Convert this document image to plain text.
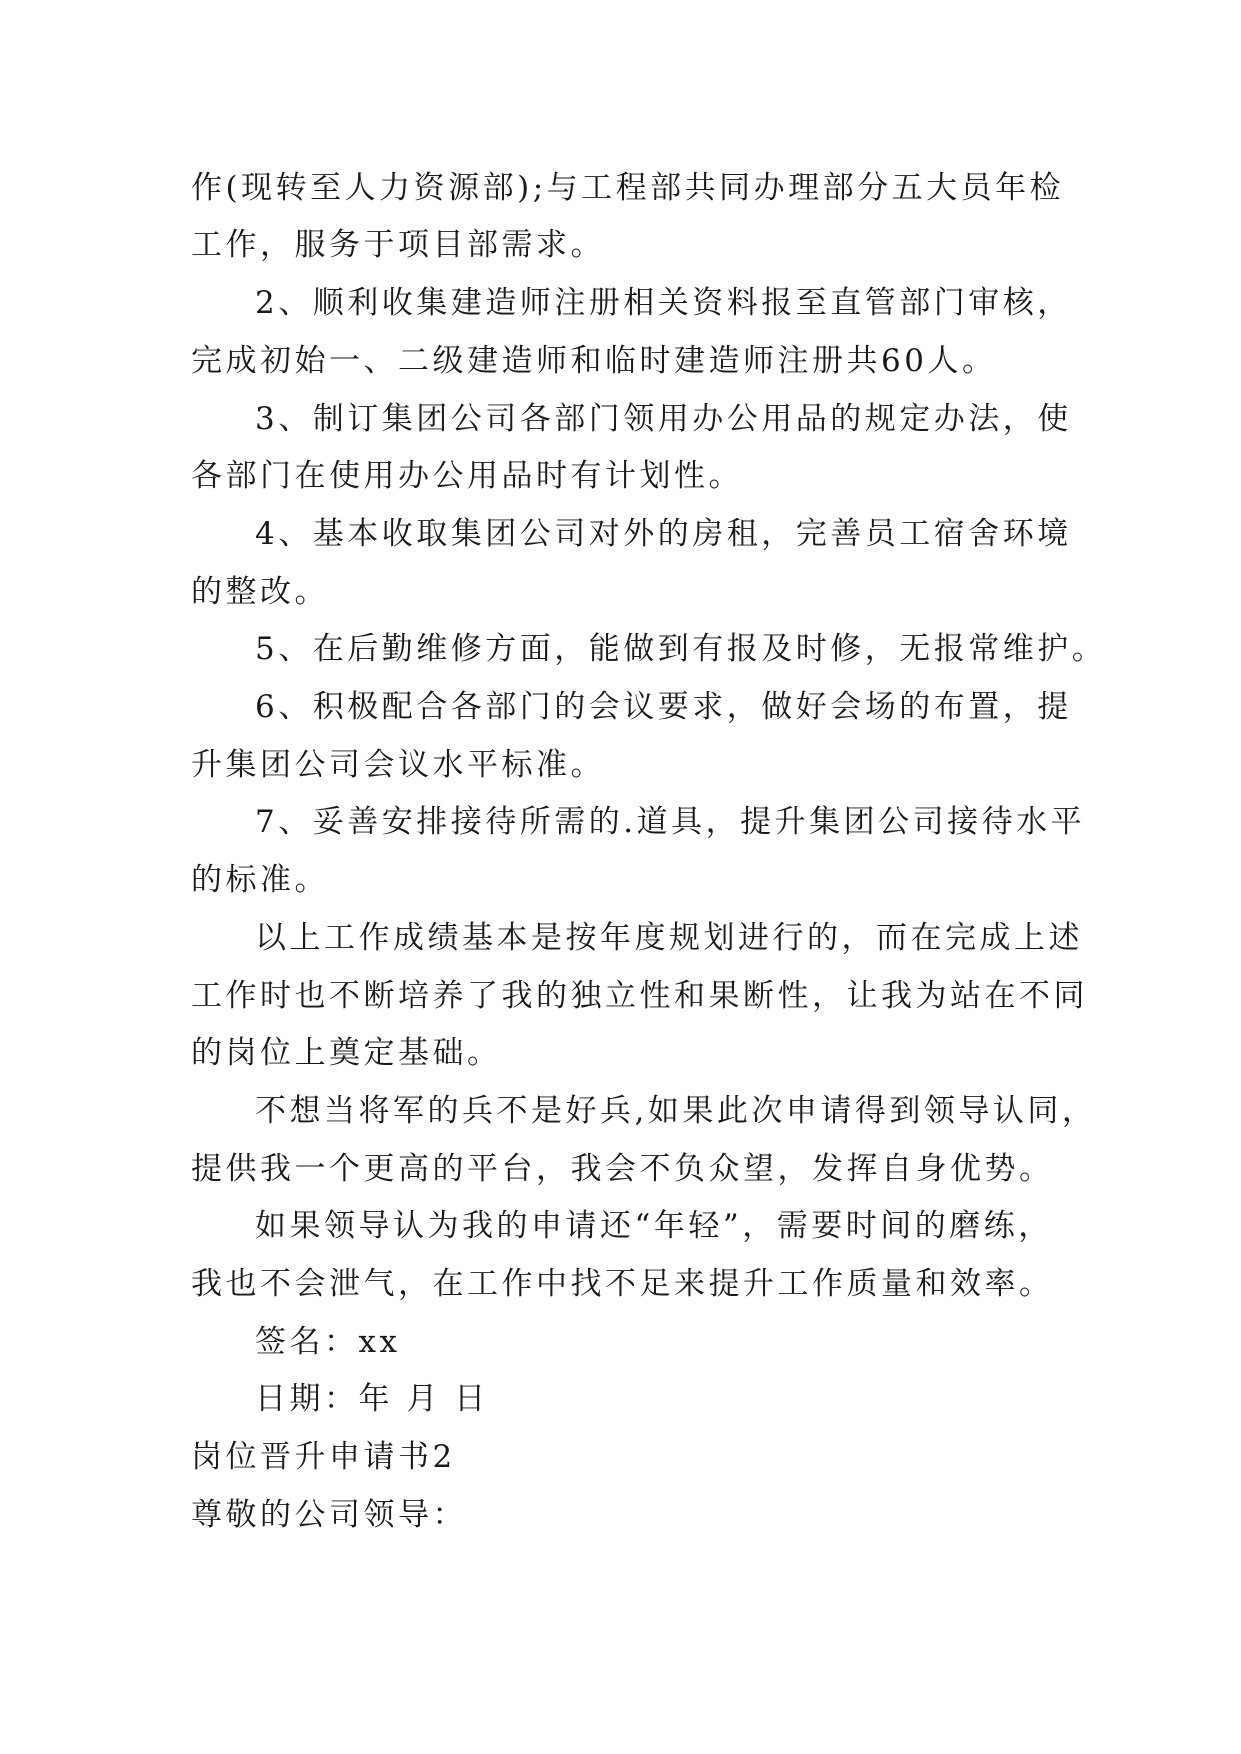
作(现转至人力资源部);与工程部共同办理部分五大员年检
工作，服务于项目部需求。
2、顺利收集建造师注册相关资料报至直管部门审核，
完成初始一、二级建造师和临时建造师注册共60人。
3、制订集团公司各部门领用办公用品的规定办法，使
各部门在使用办公用品时有计划性。
4、基本收取集团公司对外的房租，完善员工宿舍环境
的整改。
5、在后勤维修方面，能做到有报及时修，无报常维护。
6、积极配合各部门的会议要求，做好会场的布置，提
升集团公司会议水平标准。
7、妥善安排接待所需的.道具，提升集团公司接待水平
的标准。
以上工作成绩基本是按年度规划进行的，而在完成上述
工作时也不断培养了我的独立性和果断性，让我为站在不同
的岗位上奠定基础。
不想当将军的兵不是好兵,如果此次申请得到领导认同，
提供我一个更高的平台，我会不负众望，发挥自身优势。
如果领导认为我的申请还“年轻”，需要时间的磨练，
我也不会泄气，在工作中找不足来提升工作质量和效率。
签名：xx
日期：年 月 日
岗位晋升申请书2
尊敬的公司领导：
